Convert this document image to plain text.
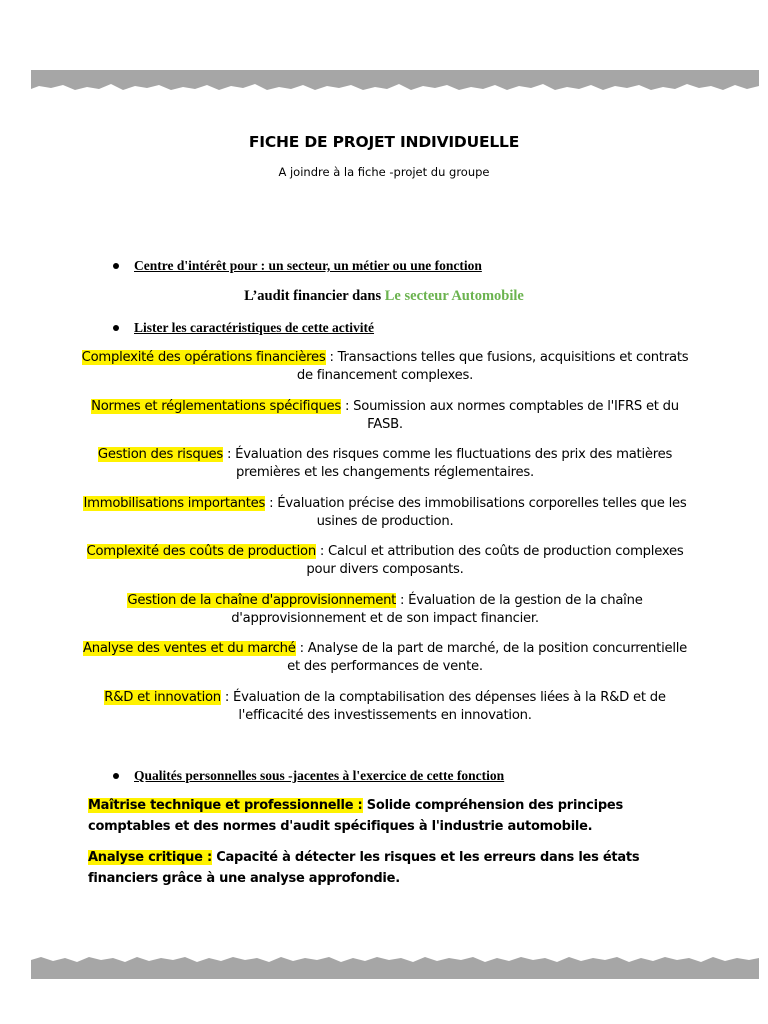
FICHE DE PROJET INDIVIDUELLE
A joindre à la fiche -projet du groupe
Centre d'intérêt pour : un secteur, un métier ou une fonction
L’audit financier dans Le secteur Automobile
Lister les caractéristiques de cette activité
Complexité des opérations financières : Transactions telles que fusions, acquisitions et contrats de financement complexes.
Normes et réglementations spécifiques : Soumission aux normes comptables de l'IFRS et du FASB.
Gestion des risques : Évaluation des risques comme les fluctuations des prix des matières premières et les changements réglementaires.
Immobilisations importantes : Évaluation précise des immobilisations corporelles telles que les usines de production.
Complexité des coûts de production : Calcul et attribution des coûts de production complexes pour divers composants.
Gestion de la chaîne d'approvisionnement : Évaluation de la gestion de la chaîne d'approvisionnement et de son impact financier.
Analyse des ventes et du marché : Analyse de la part de marché, de la position concurrentielle et des performances de vente.
R&D et innovation : Évaluation de la comptabilisation des dépenses liées à la R&D et de l'efficacité des investissements en innovation.
Qualités personnelles sous -jacentes à l'exercice de cette fonction
Maîtrise technique et professionnelle : Solide compréhension des principes comptables et des normes d'audit spécifiques à l'industrie automobile.
Analyse critique : Capacité à détecter les risques et les erreurs dans les états financiers grâce à une analyse approfondie.
